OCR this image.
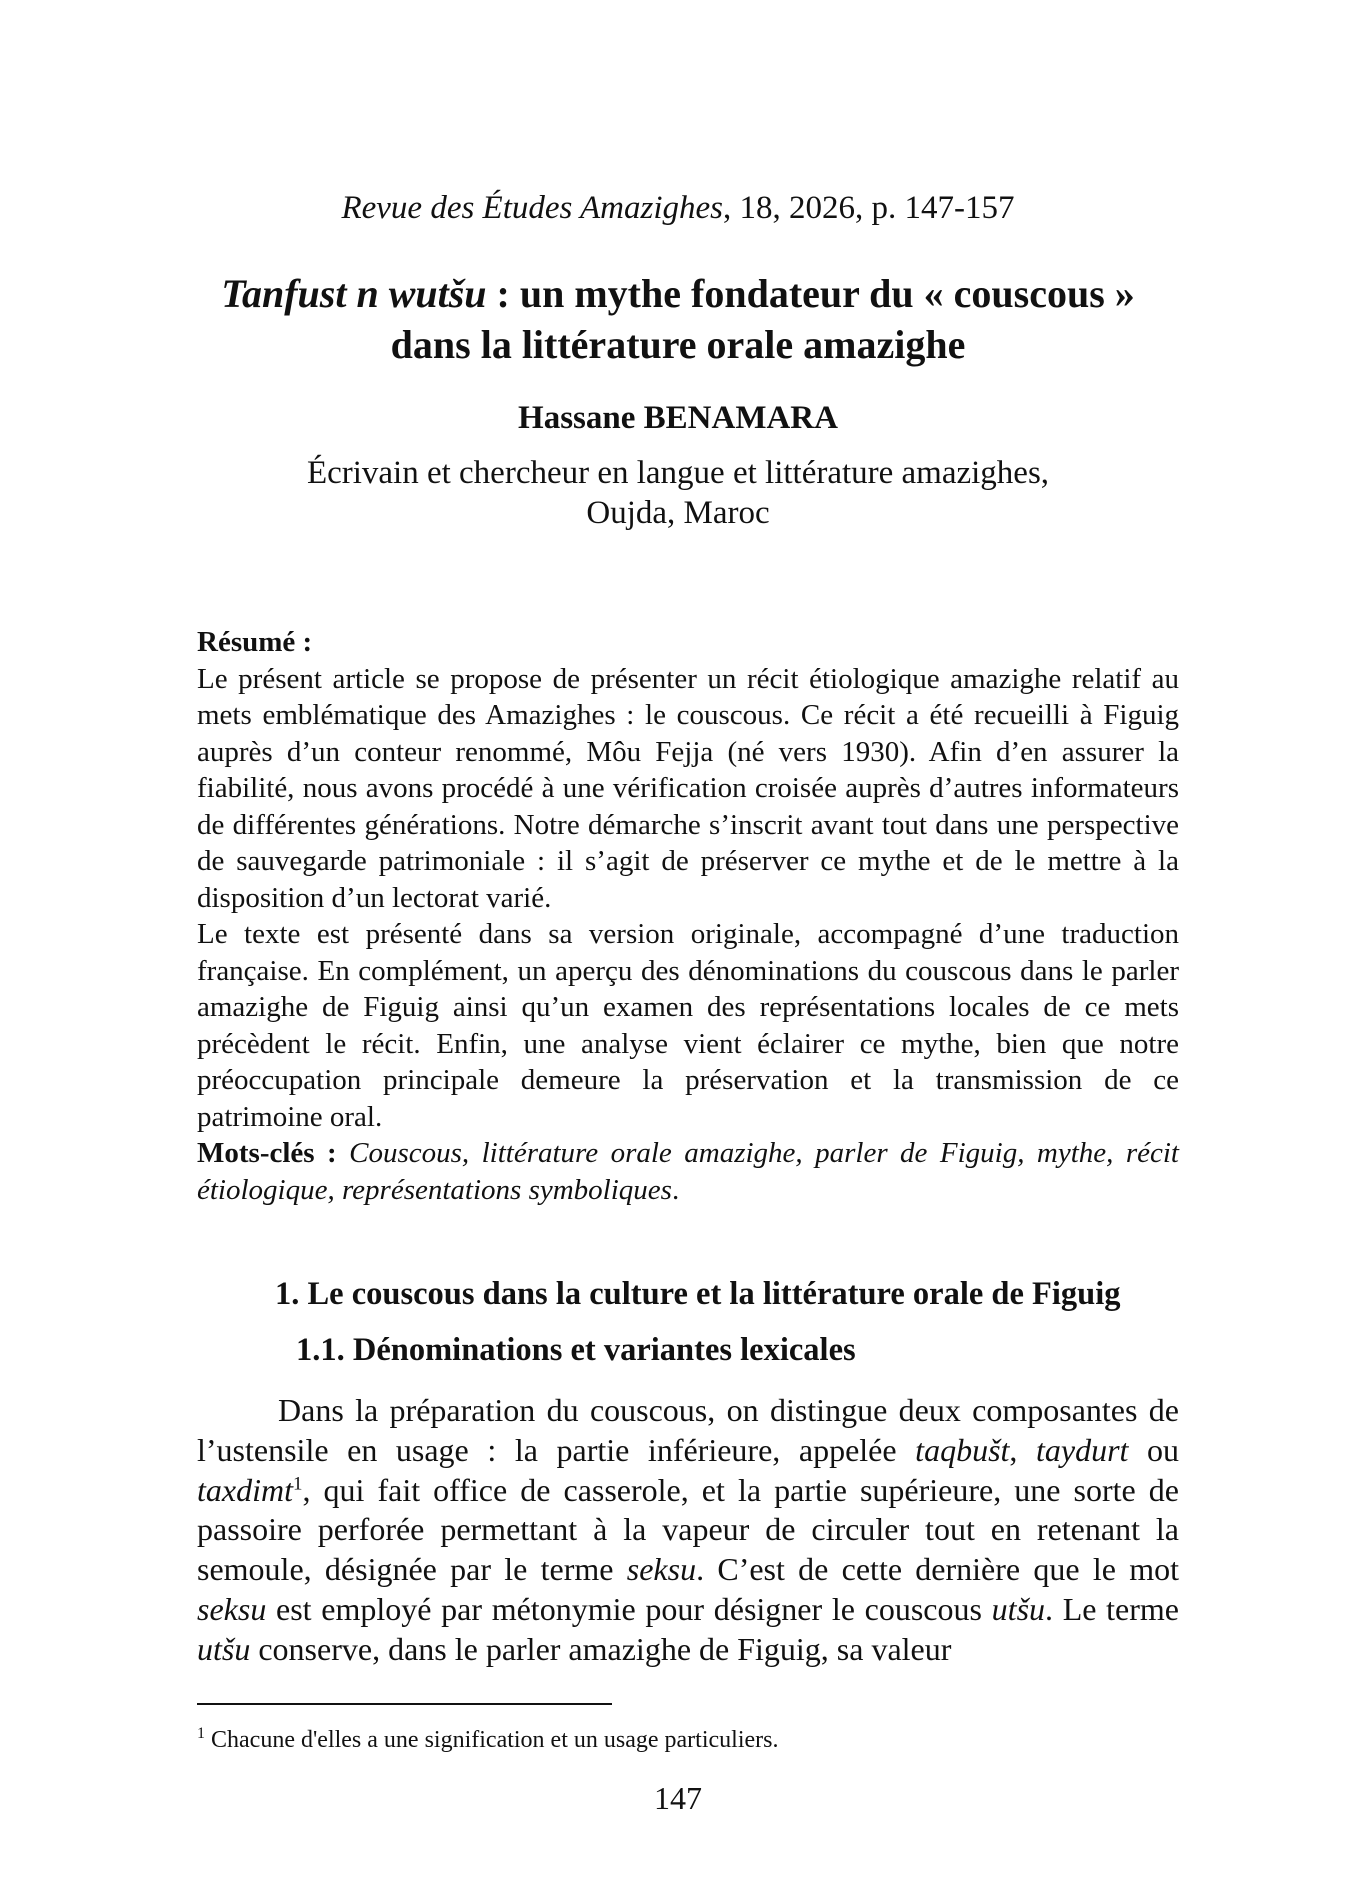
Revue des Études Amazighes, 18, 2026, p. 147-157
Tanfust n wutšu : un mythe fondateur du « couscous »
dans la littérature orale amazighe
Hassane BENAMARA
Écrivain et chercheur en langue et littérature amazighes,
Oujda, Maroc

Résumé :

Le présent article se propose de présenter un récit étiologique amazighe relatif au mets emblématique des Amazighes : le couscous. Ce récit a été recueilli à Figuig auprès d’un conteur renommé, Môu Fejja (né vers 1930). Afin d’en assurer la fiabilité, nous avons procédé à une vérification croisée auprès d’autres informateurs de différentes générations. Notre démarche s’inscrit avant tout dans une perspective de sauvegarde patrimoniale : il s’agit de préserver ce mythe et de le mettre à la disposition d’un lectorat varié.

Le texte est présenté dans sa version originale, accompagné d’une traduction française. En complément, un aperçu des dénominations du couscous dans le parler amazighe de Figuig ainsi qu’un examen des représentations locales de ce mets précèdent le récit. Enfin, une analyse vient éclairer ce mythe, bien que notre préoccupation principale demeure la préservation et la transmission de ce patrimoine oral.

Mots-clés : Couscous, littérature orale amazighe, parler de Figuig, mythe, récit étiologique, représentations symboliques.

1. Le couscous dans la culture et la littérature orale de Figuig
1.1. Dénominations et variantes lexicales

Dans la préparation du couscous, on distingue deux composantes de l’ustensile en usage : la partie inférieure, appelée taqbušt, taydurt ou taxdimt$^1$, qui fait office de casserole, et la partie supérieure, une sorte de passoire perforée permettant à la vapeur de circuler tout en retenant la semoule, désignée par le terme seksu. C’est de cette dernière que le mot seksu est employé par métonymie pour désigner le couscous utšu. Le terme utšu conserve, dans le parler amazighe de Figuig, sa valeur

$^1$ Chacune d'elles a une signification et un usage particuliers.
147
